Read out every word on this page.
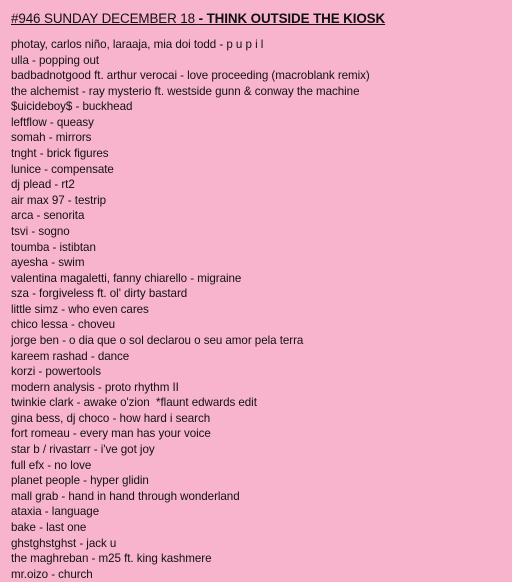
#946 SUNDAY DECEMBER 18 - THINK OUTSIDE THE KIOSK
photay, carlos niño, laraaja, mia doi todd - p u p i l
ulla - popping out
badbadnotgood ft. arthur verocai - love proceeding (macroblank remix)
the alchemist - ray mysterio ft. westside gunn & conway the machine
$uicideboy$ - buckhead
leftflow - queasy
somah - mirrors
tnght - brick figures
lunice - compensate
dj plead - rt2
air max 97 - testrip
arca - senorita
tsvi - sogno
toumba - istibtan
ayesha - swim
valentina magaletti, fanny chiarello - migraine
sza - forgiveless ft. ol' dirty bastard
little simz - who even cares
chico lessa - choveu
jorge ben - o dia que o sol declarou o seu amor pela terra
kareem rashad - dance
korzi - powertools
modern analysis - proto rhythm II
twinkie clark - awake o'zion  *flaunt edwards edit
gina bess, dj choco - how hard i search
fort romeau - every man has your voice
star b / rivastarr - i've got joy
full efx - no love
planet people - hyper glidin
mall grab - hand in hand through wonderland
ataxia - language
bake - last one
ghstghstghst - jack u
the maghreban - m25 ft. king kashmere
mr.oizo - church
